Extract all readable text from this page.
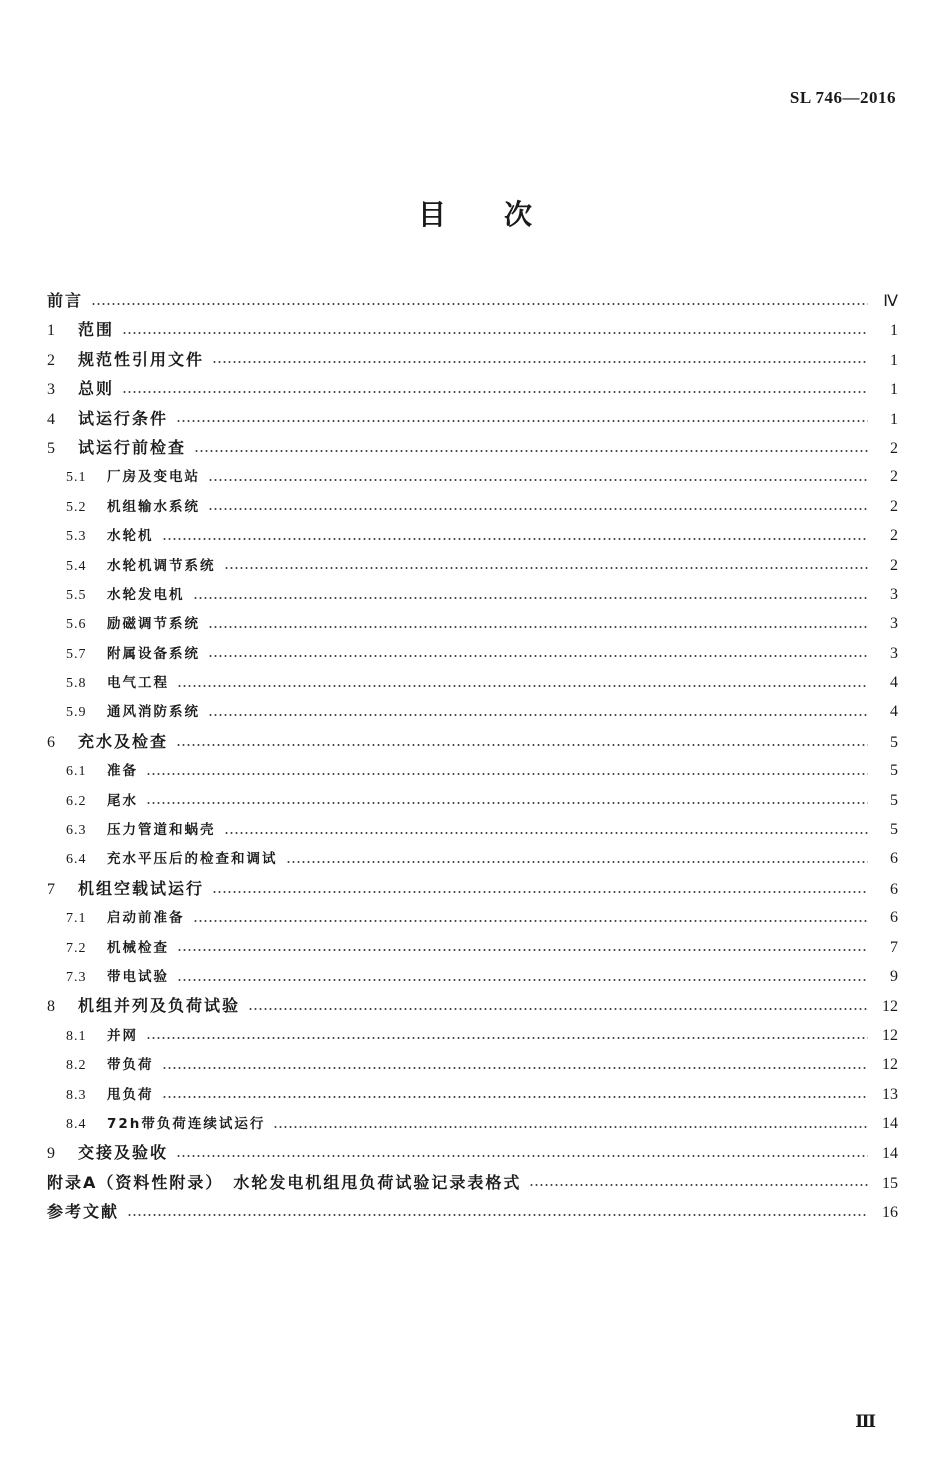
SL 746—2016
目次
前言	Ⅳ
1	范围	1
2	规范性引用文件	1
3	总则	1
4	试运行条件	1
5	试运行前检查	2
5.1	厂房及变电站	2
5.2	机组输水系统	2
5.3	水轮机	2
5.4	水轮机调节系统	2
5.5	水轮发电机	3
5.6	励磁调节系统	3
5.7	附属设备系统	3
5.8	电气工程	4
5.9	通风消防系统	4
6	充水及检查	5
6.1	准备	5
6.2	尾水	5
6.3	压力管道和蜗壳	5
6.4	充水平压后的检查和调试	6
7	机组空载试运行	6
7.1	启动前准备	6
7.2	机械检查	7
7.3	带电试验	9
8	机组并列及负荷试验	12
8.1	并网	12
8.2	带负荷	12
8.3	甩负荷	13
8.4	72h带负荷连续试运行	14
9	交接及验收	14
附录A（资料性附录）　水轮发电机组甩负荷试验记录表格式	15
参考文献	16
Ⅲ
